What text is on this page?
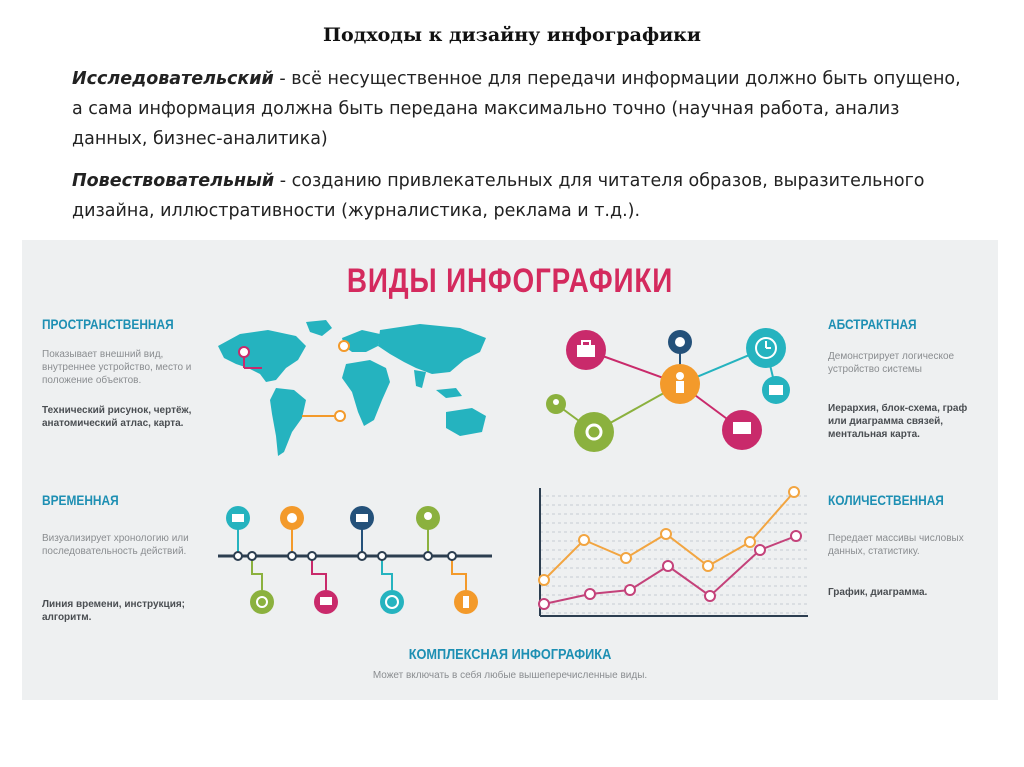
Подходы к дизайну инфографики
Исследовательский - всё несущественное для передачи информации должно быть опущено, а сама информация должна быть передана максимально точно (научная работа, анализ данных, бизнес-аналитика)
Повествовательный - созданию привлекательных для читателя образов, выразительного дизайна, иллюстративности (журналистика, реклама и т.д.).
ВИДЫ ИНФОГРАФИКИ
ПРОСТРАНСТВЕННАЯ
Показывает внешний вид, внутреннее устройство, место и положение объектов.
Технический рисунок, чертёж, анатомический атлас, карта.
АБСТРАКТНАЯ
Демонстрирует логическое устройство системы
Иерархия, блок-схема, граф или диаграмма связей, ментальная карта.
ВРЕМЕННАЯ
Визуализирует хронологию или последовательность действий.
Линия времени, инструкция; алгоритм.
КОЛИЧЕСТВЕННАЯ
Передает массивы числовых данных, статистику.
График, диаграмма.
КОМПЛЕКСНАЯ ИНФОГРАФИКА
Может включать в себя любые вышеперечисленные виды.
